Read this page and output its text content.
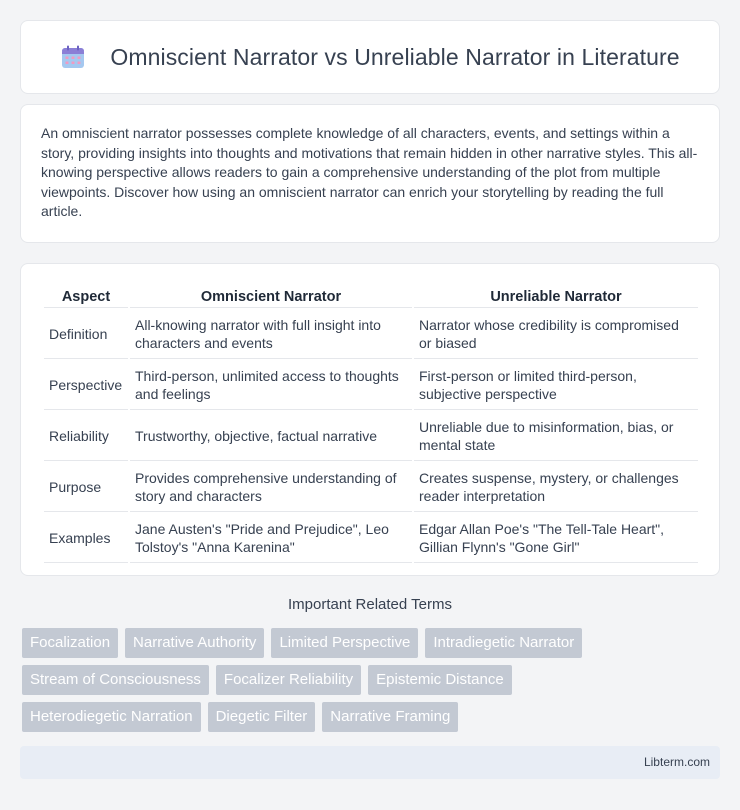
Omniscient Narrator vs Unreliable Narrator in Literature

An omniscient narrator possesses complete knowledge of all characters, events, and settings within a story, providing insights into thoughts and motivations that remain hidden in other narrative styles. This all-knowing perspective allows readers to gain a comprehensive understanding of the plot from multiple viewpoints. Discover how using an omniscient narrator can enrich your storytelling by reading the full article.

Aspect	Omniscient Narrator	Unreliable Narrator
Definition	All-knowing narrator with full insight into characters and events	Narrator whose credibility is compromised or biased
Perspective	Third-person, unlimited access to thoughts and feelings	First-person or limited third-person, subjective perspective
Reliability	Trustworthy, objective, factual narrative	Unreliable due to misinformation, bias, or mental state
Purpose	Provides comprehensive understanding of story and characters	Creates suspense, mystery, or challenges reader interpretation
Examples	Jane Austen's "Pride and Prejudice", Leo Tolstoy's "Anna Karenina"	Edgar Allan Poe's "The Tell-Tale Heart", Gillian Flynn's "Gone Girl"
Important Related Terms
Focalization	Narrative Authority	Limited Perspective	Intradiegetic Narrator
Stream of Consciousness	Focalizer Reliability	Epistemic Distance
Heterodiegetic Narration	Diegetic Filter	Narrative Framing
Libterm.com
